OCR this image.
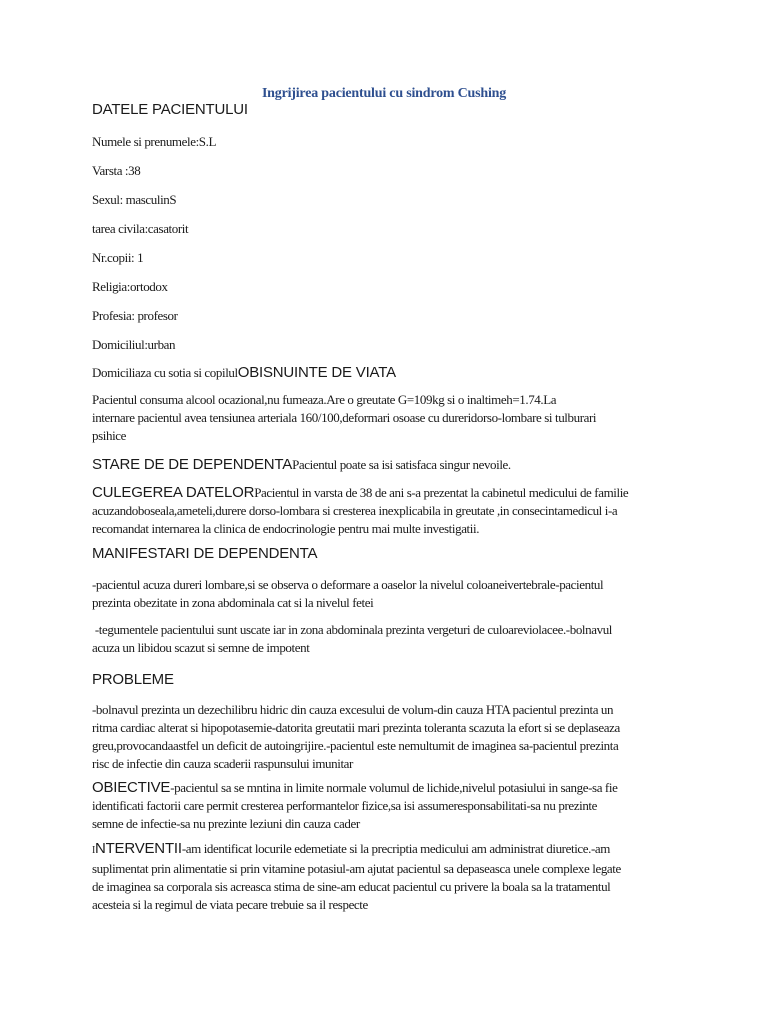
Ingrijirea pacientului cu sindrom Cushing
DATELE PACIENTULUI
Numele si prenumele:S.L
Varsta :38
Sexul: masculinS
tarea civila:casatorit
Nr.copii: 1
Religia:ortodox
Profesia: profesor
Domiciliul:urban
Domiciliaza cu sotia si copilulOBISNUINTE DE VIATA
Pacientul consuma alcool ocazional,nu fumeaza.Are o greutate G=109kg si o inaltimeh=1.74.La
internare pacientul avea tensiunea arteriala 160/100,deformari osoase cu dureridorso-lombare si tulburari
psihice
STARE DE DE DEPENDENTAPacientul poate sa isi satisfaca singur nevoile.
CULEGEREA DATELORPacientul in varsta de 38 de ani s-a prezentat la cabinetul medicului de familie
acuzandoboseala,ameteli,durere dorso-lombara si cresterea inexplicabila in greutate ,in consecintamedicul i-a
recomandat internarea la clinica de endocrinologie pentru mai multe investigatii.
MANIFESTARI DE DEPENDENTA
-pacientul acuza dureri lombare,si se observa o deformare a oaselor la nivelul coloaneivertebrale-pacientul
prezinta obezitate in zona abdominala cat si la nivelul fetei
-tegumentele pacientului sunt uscate iar in zona abdominala prezinta vergeturi de culoareviolacee.-bolnavul
acuza un libidou scazut si semne de impotent
PROBLEME
-bolnavul prezinta un dezechilibru hidric din cauza excesului de volum-din cauza HTA pacientul prezinta un
ritma cardiac alterat si hipopotasemie-datorita greutatii mari prezinta toleranta scazuta la efort si se deplaseaza
greu,provocandaastfel un deficit de autoingrijire.-pacientul este nemultumit de imaginea sa-pacientul prezinta
risc de infectie din cauza scaderii raspunsului imunitar
OBIECTIVE-pacientul sa se mntina in limite normale volumul de lichide,nivelul potasiului in sange-sa fie
identificati factorii care permit cresterea performantelor fizice,sa isi assumeresponsabilitati-sa nu prezinte
semne de infectie-sa nu prezinte leziuni din cauza cader
INTERVENTII-am identificat locurile edemetiate si la precriptia medicului am administrat diuretice.-am
suplimentat prin alimentatie si prin vitamine potasiul-am ajutat pacientul sa depaseasca unele complexe legate
de imaginea sa corporala sis acreasca stima de sine-am educat pacientul cu privere la boala sa la tratamentul
acesteia si la regimul de viata pecare trebuie sa il respecte
